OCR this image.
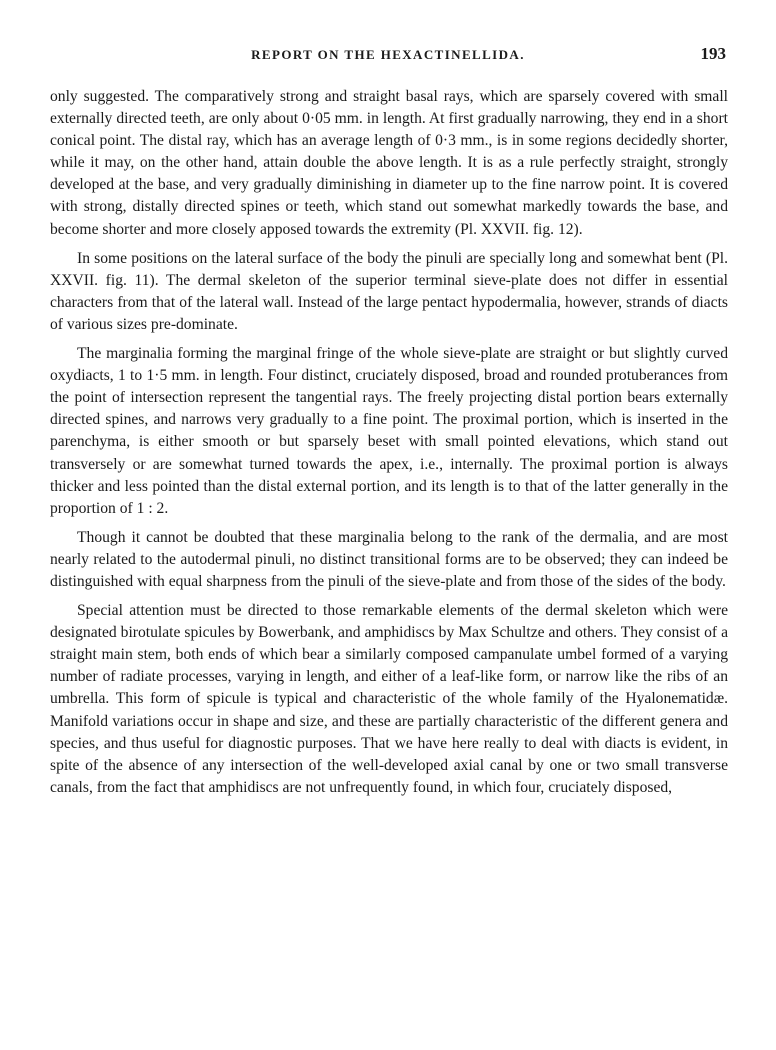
REPORT ON THE HEXACTINELLIDA.	193

only suggested. The comparatively strong and straight basal rays, which are sparsely covered with small externally directed teeth, are only about 0·05 mm. in length. At first gradually narrowing, they end in a short conical point. The distal ray, which has an average length of 0·3 mm., is in some regions decidedly shorter, while it may, on the other hand, attain double the above length. It is as a rule perfectly straight, strongly developed at the base, and very gradually diminishing in diameter up to the fine narrow point. It is covered with strong, distally directed spines or teeth, which stand out somewhat markedly towards the base, and become shorter and more closely apposed towards the extremity (Pl. XXVII. fig. 12).

In some positions on the lateral surface of the body the pinuli are specially long and somewhat bent (Pl. XXVII. fig. 11). The dermal skeleton of the superior terminal sieve-plate does not differ in essential characters from that of the lateral wall. Instead of the large pentact hypodermalia, however, strands of diacts of various sizes pre-dominate.

The marginalia forming the marginal fringe of the whole sieve-plate are straight or but slightly curved oxydiacts, 1 to 1·5 mm. in length. Four distinct, cruciately disposed, broad and rounded protuberances from the point of intersection represent the tangential rays. The freely projecting distal portion bears externally directed spines, and narrows very gradually to a fine point. The proximal portion, which is inserted in the parenchyma, is either smooth or but sparsely beset with small pointed elevations, which stand out transversely or are somewhat turned towards the apex, i.e., internally. The proximal portion is always thicker and less pointed than the distal external portion, and its length is to that of the latter generally in the proportion of 1 : 2.

Though it cannot be doubted that these marginalia belong to the rank of the dermalia, and are most nearly related to the autodermal pinuli, no distinct transitional forms are to be observed; they can indeed be distinguished with equal sharpness from the pinuli of the sieve-plate and from those of the sides of the body.

Special attention must be directed to those remarkable elements of the dermal skeleton which were designated birotulate spicules by Bowerbank, and amphidiscs by Max Schultze and others. They consist of a straight main stem, both ends of which bear a similarly composed campanulate umbel formed of a varying number of radiate processes, varying in length, and either of a leaf-like form, or narrow like the ribs of an umbrella. This form of spicule is typical and characteristic of the whole family of the Hyalonematidæ. Manifold variations occur in shape and size, and these are partially characteristic of the different genera and species, and thus useful for diagnostic purposes. That we have here really to deal with diacts is evident, in spite of the absence of any intersection of the well-developed axial canal by one or two small transverse canals, from the fact that amphidiscs are not unfrequently found, in which four, cruciately disposed,
